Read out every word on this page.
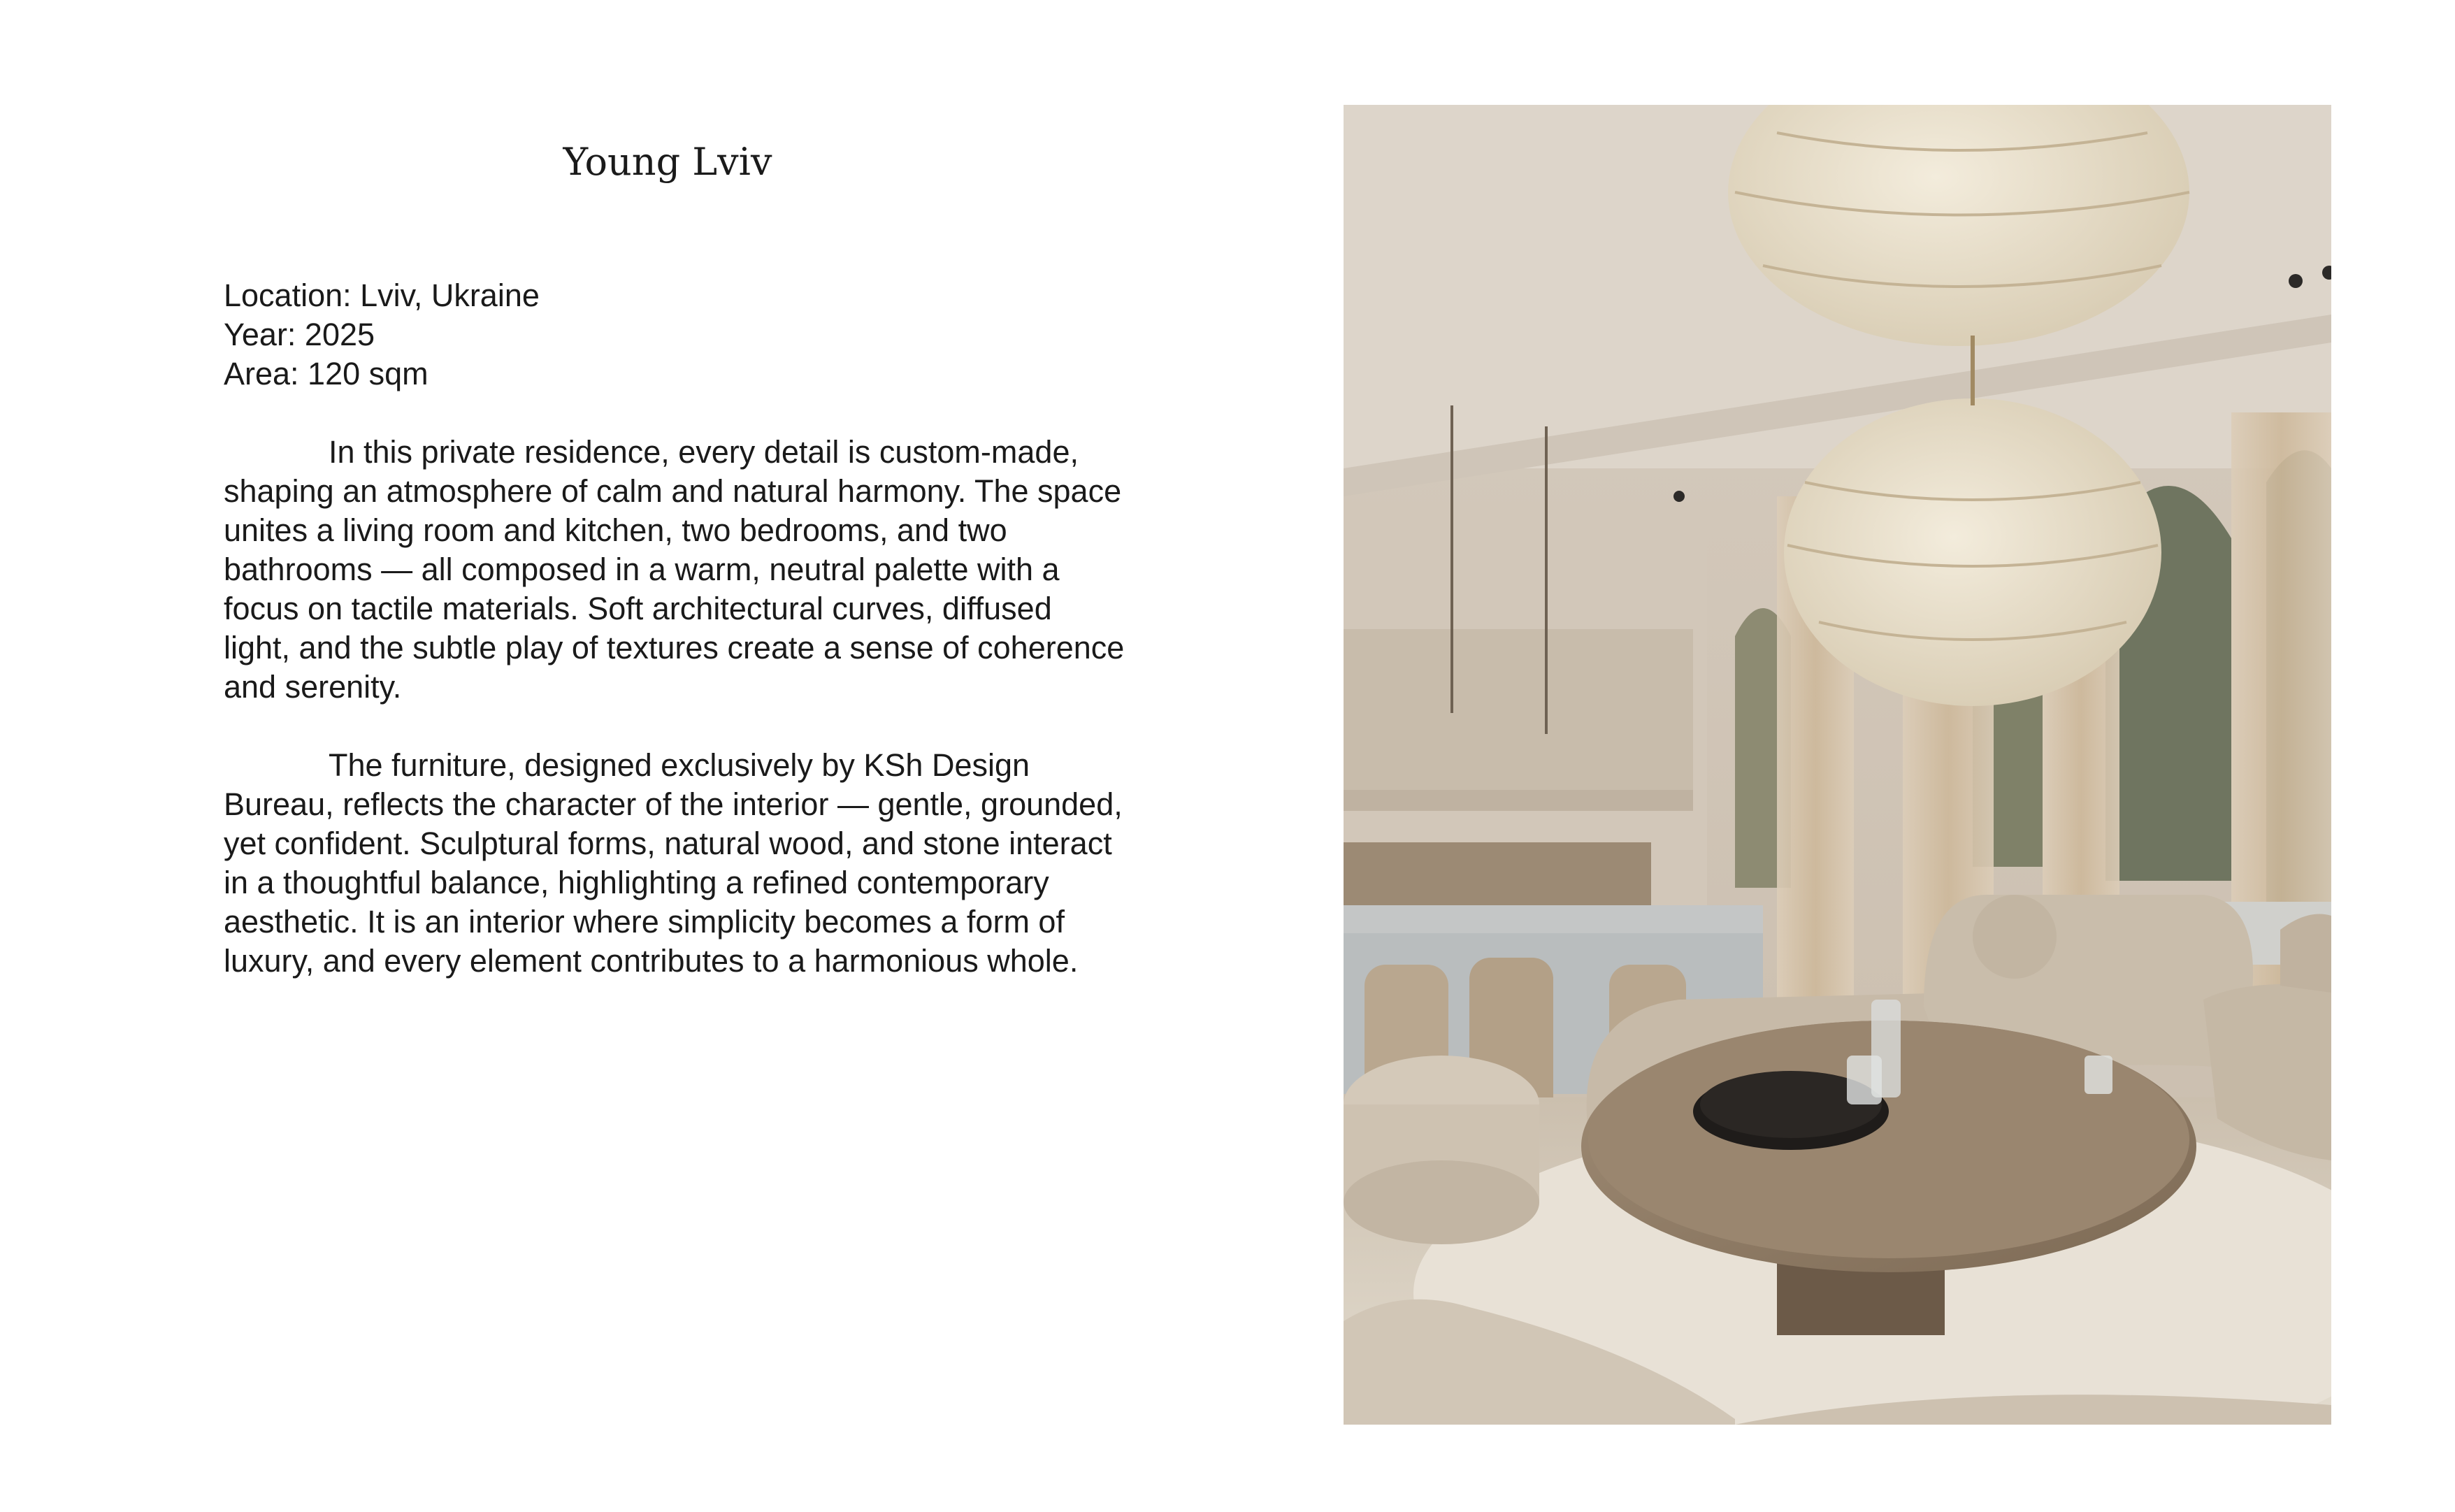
Young Lviv
Location: Lviv, Ukraine
Year: 2025
Area: 120 sqm

In this private residence, every detail is custom-made, shaping an atmosphere of calm and natural harmony. The space unites a living room and kitchen, two bedrooms, and two bathrooms — all composed in a warm, neutral palette with a focus on tactile materials. Soft architectural curves, diffused light, and the subtle play of textures create a sense of coherence and serenity.

The furniture, designed exclusively by KSh Design Bureau, reflects the character of the interior — gentle, grounded, yet confident. Sculptural forms, natural wood, and stone interact in a thoughtful balance, highlighting a refined contemporary aesthetic. It is an interior where simplicity becomes a form of luxury, and every element contributes to a harmonious whole.
